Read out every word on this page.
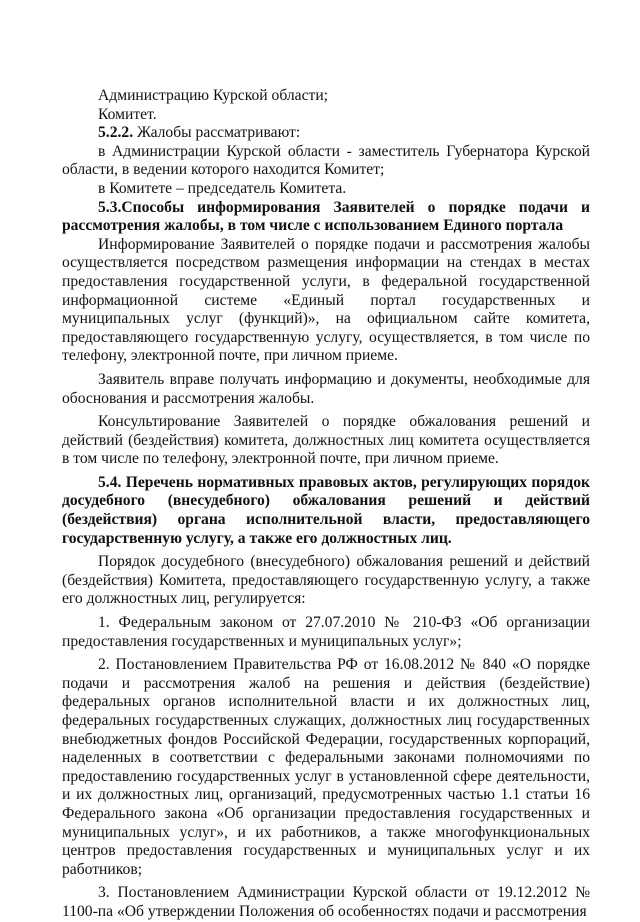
Администрацию Курской области;

Комитет.

5.2.2. Жалобы рассматривают:

в Администрации Курской области - заместитель Губернатора Курской области, в ведении которого находится Комитет;

в Комитете – председатель Комитета.

5.3.Способы информирования Заявителей о порядке подачи и рассмотрения жалобы, в том числе с использованием Единого портала

Информирование Заявителей о порядке подачи и рассмотрения жалобы осуществляется посредством размещения информации на стендах в местах предоставления государственной услуги, в федеральной государственной информационной системе «Единый портал государственных и муниципальных услуг (функций)», на официальном сайте комитета, предоставляющего государственную услугу, осуществляется, в том числе по телефону, электронной почте, при личном приеме.

Заявитель вправе получать информацию и документы, необходимые для обоснования и рассмотрения жалобы.

Консультирование Заявителей о порядке обжалования решений и действий (бездействия) комитета, должностных лиц комитета осуществляется в том числе по телефону, электронной почте, при личном приеме.

5.4. Перечень нормативных правовых актов, регулирующих порядок досудебного (внесудебного) обжалования решений и действий (бездействия) органа исполнительной власти, предоставляющего государственную услугу, а также его должностных лиц.

Порядок досудебного (внесудебного) обжалования решений и действий (бездействия) Комитета, предоставляющего государственную услугу, а также его должностных лиц, регулируется:

1. Федеральным законом от 27.07.2010 № 210-ФЗ «Об организации предоставления государственных и муниципальных услуг»;

2. Постановлением Правительства РФ от 16.08.2012 № 840 «О порядке подачи и рассмотрения жалоб на решения и действия (бездействие) федеральных органов исполнительной власти и их должностных лиц, федеральных государственных служащих, должностных лиц государственных внебюджетных фондов Российской Федерации, государственных корпораций, наделенных в соответствии с федеральными законами полномочиями по предоставлению государственных услуг в установленной сфере деятельности, и их должностных лиц, организаций, предусмотренных частью 1.1 статьи 16 Федерального закона «Об организации предоставления государственных и муниципальных услуг», и их работников, а также многофункциональных центров предоставления государственных и муниципальных услуг и их работников;

3. Постановлением Администрации Курской области от 19.12.2012 № 1100-па «Об утверждении Положения об особенностях подачи и рассмотрения
